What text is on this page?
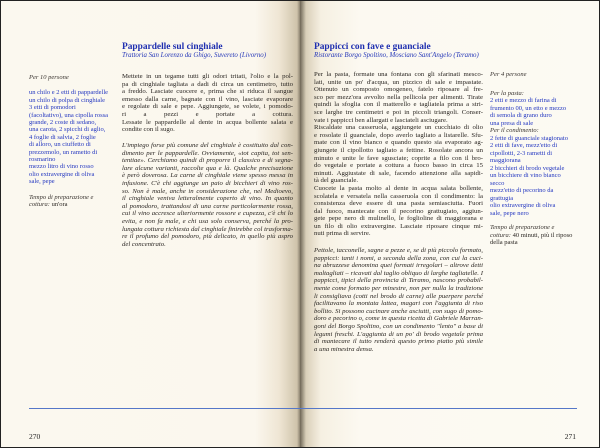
Pappardelle sul cinghiale
Trattoria San Lorenzo da Ghigo, Suvereto (Livorno)
Per 10 persone
un chilo e 2 etti di pappardelle
un chilo di polpa di cinghiale
3 etti di pomodori
(facoltativo), una cipolla rossa
grande, 2 coste di sedano,
una carota, 2 spicchi di aglio,
4 foglie di salvia, 2 foglie
di alloro, un ciuffetto di
prezzemolo, un rametto di
rosmarino
mezzo litro di vino rosso
olio extravergine di oliva
sale, pepe
Tempo di preparazione e
cottura: un'ora
Mettete in un tegame tutti gli odori tritati, l'olio e la pol-
pa di cinghiale tagliata a dadi di circa un centimetro, tutto
a freddo. Lasciate cuocere e, prima che si riduca il sangue
emesso dalla carne, bagnate con il vino, lasciate evaporare
e regolate di sale e pepe. Aggiungete, se volete, i pomodo-
ri a pezzi e portate a cottura.
Lessate le pappardelle al dente in acqua bollente salata e
condite con il sugo.
L'impiego forse più comune del cinghiale è costituito dal con-
dimento per le pappardelle. Ovviamente, «tot capita, tot sen-
tentiae». Cerchiamo quindi di proporre il classico e di segna-
lare alcune varianti, raccolte qua e là. Qualche precisazione
è però doverosa. La carne di cinghiale viene spesso messa in
infusione. C'è chi aggiunge un paio di bicchieri di vino ros-
so. Non è male, anche in considerazione che, nel Medioevo,
il cinghiale veniva letteralmente coperto di vino. In quanto
al pomodoro, trattandosi di una carne particolarmente rossa,
cui il vino accresce ulteriormente rossore e cupezza, c'è chi lo
evita, e non fa male, e chi usa solo conserva, perché la pro-
lungata cottura richiesta dal cinghiale finirebbe col trasforma-
re il profumo del pomodoro, più delicato, in quello più aspro
del concentrato.
270
Pappicci con fave e guanciale
Ristorante Borgo Spoltino, Mosciano Sant'Angelo (Teramo)
Per la pasta, formate una fontana con gli sfarinati mesco-
lati, unite un po' d'acqua, un pizzico di sale e impastate.
Ottenuto un composto omogeneo, fatelo riposare al fre-
sco per mezz'ora avvolto nella pellicola per alimenti. Tirate
quindi la sfoglia con il matterello e tagliatela prima a stri-
sce larghe tre centimetri e poi in piccoli triangoli. Conser-
vate i pappicci ben allargati e lasciateli asciugare.
Riscaldate una casseruola, aggiungete un cucchiaio di olio
e rosolate il guanciale, dopo averlo tagliato a listarelle. Sfu-
mate con il vino bianco e quando questo sia evaporato ag-
giungete il cipollotto tagliato a fettine. Rosolate ancora un
minuto e unite le fave sgusciate; coprite a filo con il bro-
do vegetale e portate a cottura a fuoco basso in circa 15
minuti. Aggiustate di sale, facendo attenzione alla sapidi-
tà del guanciale.
Cuocete la pasta molto al dente in acqua salata bollente,
scolatela e versatela nella casseruola con il condimento: la
consistenza deve essere di una pasta semiasciutta. Fuori
dal fuoco, mantecate con il pecorino grattugiato, aggiun-
gete pepe nero di mulinello, le foglioline di maggiorana e
un filo di olio extravergine. Lasciate riposare cinque mi-
nuti prima di servire.
Pettole, tacconelle, sagne a pezze e, se di più piccolo formato,
pappicci: tanti i nomi, a seconda della zona, con cui la cuci-
na abruzzese denomina quei formati irregolari – altrove detti
maltagliati – ricavati dal taglio obliquo di larghe tagliatelle. I
pappicci, tipici della provincia di Teramo, nascono probabil-
mente come formato per minestre, non per nulla la tradizione
li consigliava (cotti nel brodo di carne) alle puerpere perché
facilitavano la montata lattea, magari con l'aggiunta di riso
bollito. Si possono cucinare anche asciutti, con sugo di pomo-
doro e pecorino o, come in questa ricetta di Gabriele Marran-
goni del Borgo Spoltino, con un condimento "lento" a base di
legumi freschi. L'aggiunta di un po' di brodo vegetale prima
di mantecare il tutto renderà questo primo piatto più simile
a una minestra densa.
Per 4 persone
Per la pasta:
2 etti e mezzo di farina di
frumento 00, un etto e mezzo
di semola di grano duro
una presa di sale
Per il condimento:
2 fette di guanciale stagionato
2 etti di fave, mezz'etto di
cipollotti, 2-3 rametti di
maggiorana
2 bicchieri di brodo vegetale
un bicchiere di vino bianco
secco
mezz'etto di pecorino da
grattugia
olio extravergine di oliva
sale, pepe nero
Tempo di preparazione e
cottura: 40 minuti, più il riposo
della pasta
271
